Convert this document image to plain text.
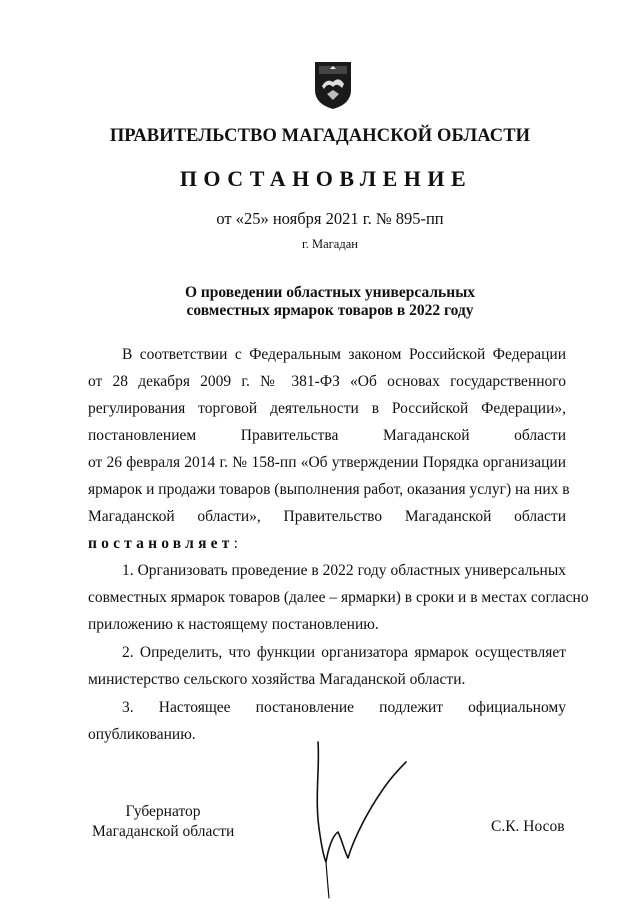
ПРАВИТЕЛЬСТВО МАГАДАНСКОЙ ОБЛАСТИ
ПОСТАНОВЛЕНИЕ
от «25» ноября 2021 г. № 895-пп
г. Магадан
О проведении областных универсальных
совместных ярмарок товаров в 2022 году
В соответствии с Федеральным законом Российской Федерации
от 28 декабря 2009 г. № 381-ФЗ «Об основах государственного
регулирования торговой деятельности в Российской Федерации»,
постановлением Правительства Магаданской области
от 26 февраля 2014 г. № 158-пп «Об утверждении Порядка организации
ярмарок и продажи товаров (выполнения работ, оказания услуг) на них в
Магаданской области», Правительство Магаданской области
постановляет:
1. Организовать проведение в 2022 году областных универсальных
совместных ярмарок товаров (далее – ярмарки) в сроки и в местах согласно
приложению к настоящему постановлению.
2. Определить, что функции организатора ярмарок осуществляет
министерство сельского хозяйства Магаданской области.
3. Настоящее постановление подлежит официальному
опубликованию.
Губернатор
Магаданской области	С.К. Носов
